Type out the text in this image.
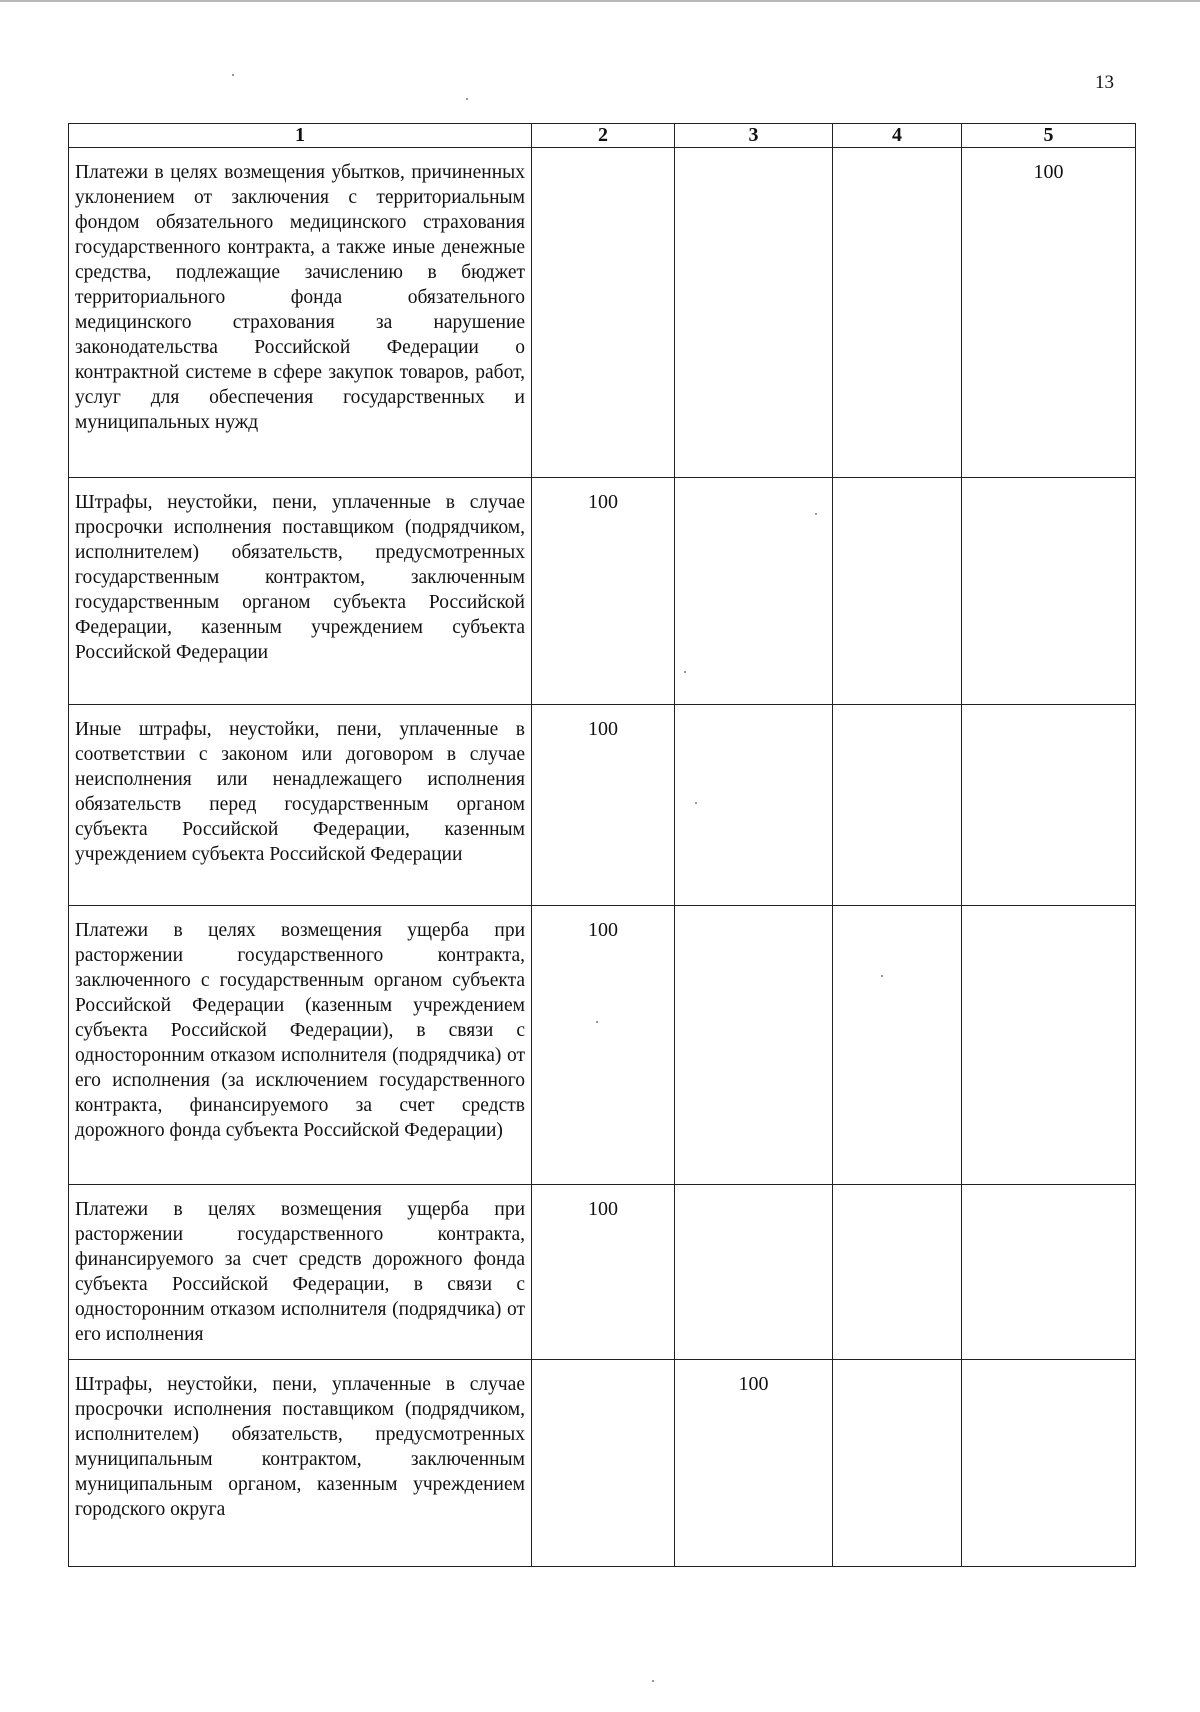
13
1	2	3	4	5
Платежи в целях возмещения убытков, причиненных уклонением от заключения с территориальным фондом обязательного медицинского страхования государственного контракта, а также иные денежные средства, подлежащие зачислению в бюджет территориального фонда обязательного медицинского страхования за нарушение законодательства Российской Федерации о контрактной системе в сфере закупок товаров, работ, услуг для обеспечения государственных и муниципальных нужд				100
Штрафы, неустойки, пени, уплаченные в случае просрочки исполнения поставщиком (подрядчиком, исполнителем) обязательств, предусмотренных государственным контрактом, заключенным государственным органом субъекта Российской Федерации, казенным учреждением субъекта Российской Федерации	100			
Иные штрафы, неустойки, пени, уплаченные в соответствии с законом или договором в случае неисполнения или ненадлежащего исполнения обязательств перед государственным органом субъекта Российской Федерации, казенным учреждением субъекта Российской Федерации	100			
Платежи в целях возмещения ущерба при расторжении государственного контракта, заключенного с государственным органом субъекта Российской Федерации (казенным учреждением субъекта Российской Федерации), в связи с односторонним отказом исполнителя (подрядчика) от его исполнения (за исключением государственного контракта, финансируемого за счет средств дорожного фонда субъекта Российской Федерации)	100			
Платежи в целях возмещения ущерба при расторжении государственного контракта, финансируемого за счет средств дорожного фонда субъекта Российской Федерации, в связи с односторонним отказом исполнителя (подрядчика) от его исполнения	100			
Штрафы, неустойки, пени, уплаченные в случае просрочки исполнения поставщиком (подрядчиком, исполнителем) обязательств, предусмотренных муниципальным контрактом, заключенным муниципальным органом, казенным учреждением городского округа		100		
